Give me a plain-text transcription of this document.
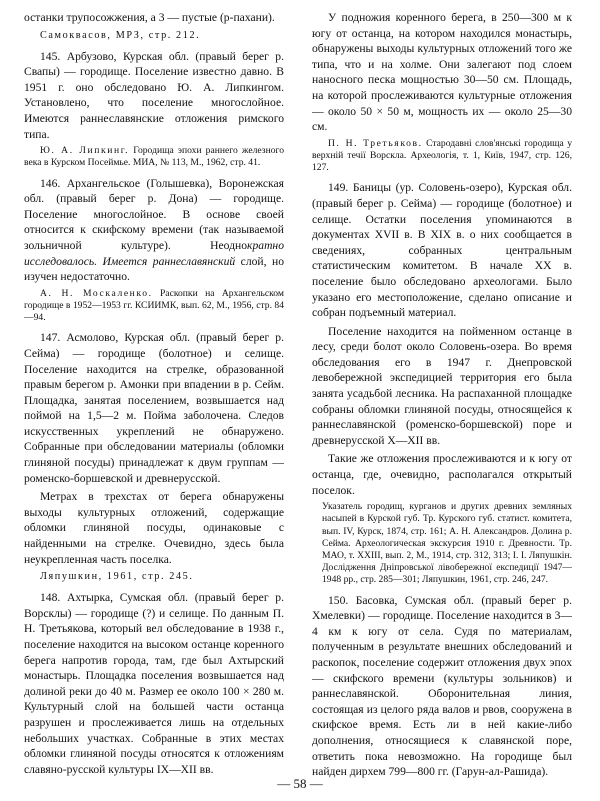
останки трупосожжения, а 3 — пустые (р-пахани).

Самоквасов, МРЗ, стр. 212.

145. Арбузово, Курская обл. (правый берег р. Свапы) — городище. Поселение известно давно. В 1951 г. оно обследовано Ю. А. Липкингом. Установлено, что поселение многослойное. Имеются раннеславянские отложения римского типа.

Ю. А. Липкинг. Городища эпохи раннего железного века в Курском Посеймье. МИА, № 113, М., 1962, стр. 41.

146. Архангельское (Голышевка), Воронежская обл. (правый берег р. Дона) — городище. Поселение многослойное. В основе своей относится к скифскому времени (так называемой зольничной культуре). Неоднократно исследовалось. Имеется раннеславянский слой, но изучен недостаточно.

А. Н. Москаленко. Раскопки на Архангельском городище в 1952—1953 гг. КСИИМК, вып. 62, М., 1956, стр. 84—94.

147. Асмолово, Курская обл. (правый берег р. Сейма) — городище (болотное) и селище. Поселение находится на стрелке, образованной правым берегом р. Амонки при впадении в р. Сейм. Площадка, занятая поселением, возвышается над поймой на 1,5—2 м. Пойма заболочена. Следов искусственных укреплений не обнаружено. Собранные при обследовании материалы (обломки глиняной посуды) принадлежат к двум группам — роменско-боршевской и древнерусской.

Метрах в трехстах от берега обнаружены выходы культурных отложений, содержащие обломки глиняной посуды, одинаковые с найденными на стрелке. Очевидно, здесь была неукрепленная часть поселка.

Ляпушкин, 1961, стр. 245.

148. Ахтырка, Сумская обл. (правый берег р. Ворсклы) — городище (?) и селище. По данным П. Н. Третьякова, который вел обследование в 1938 г., поселение находится на высоком останце коренного берега напротив города, там, где был Ахтырский монастырь. Площадка поселения возвышается над долиной реки до 40 м. Размер ее около 100 × 280 м. Культурный слой на большей части останца разрушен и прослеживается лишь на отдельных небольших участках. Собранные в этих местах обломки глиняной посуды относятся к отложениям славяно-русской культуры IX—XII вв.

У подножия коренного берега, в 250—300 м к югу от останца, на котором находился монастырь, обнаружены выходы культурных отложений того же типа, что и на холме. Они залегают под слоем наносного песка мощностью 30—50 см. Площадь, на которой прослеживаются культурные отложения — около 50 × 50 м, мощность их — около 25—30 см.

П. Н. Третьяков. Стародавні слов'янські городища у верхній течії Ворскла. Археологія, т. 1, Київ, 1947, стр. 126, 127.

149. Баницы (ур. Соловень-озеро), Курская обл. (правый берег р. Сейма) — городище (болотное) и селище. Остатки поселения упоминаются в документах XVII в. В XIX в. о них сообщается в сведениях, собранных центральным статистическим комитетом. В начале XX в. поселение было обследовано археологами. Было указано его местоположение, сделано описание и собран подъемный материал.

Поселение находится на пойменном останце в лесу, среди болот около Соловень-озера. Во время обследования его в 1947 г. Днепровской левобережной экспедицией территория его была занята усадьбой лесника. На распаханной площадке собраны обломки глиняной посуды, относящейся к раннеславянской (роменско-боршевской) поре и древнерусской X—XII вв.

Такие же отложения прослеживаются и к югу от останца, где, очевидно, располагался открытый поселок.

Указатель городищ, курганов и других древних земляных насыпей в Курской губ. Тр. Курского губ. статист. комитета, вып. IV, Курск, 1874, стр. 161; А. Н. Александров. Долина р. Сейма. Археологическая экскурсия 1910 г. Древности. Тр. МАО, т. XXIII, вып. 2, М., 1914, стр. 312, 313; І. І. Ляпушкін. Дослідження Дніпровської лівобережної експедиції 1947—1948 рр., стр. 285—301; Ляпушкин, 1961, стр. 246, 247.

150. Басовка, Сумская обл. (правый берег р. Хмелевки) — городище. Поселение находится в 3—4 км к югу от села. Судя по материалам, полученным в результате внешних обследований и раскопок, поселение содержит отложения двух эпох — скифского времени (культуры зольников) и раннеславянской. Оборонительная линия, состоящая из целого ряда валов и рвов, сооружена в скифское время. Есть ли в ней какие-либо дополнения, относящиеся к славянской поре, ответить пока невозможно. На городище был найден дирхем 799—800 гг. (Гарун-ал-Рашида).

— 58 —
